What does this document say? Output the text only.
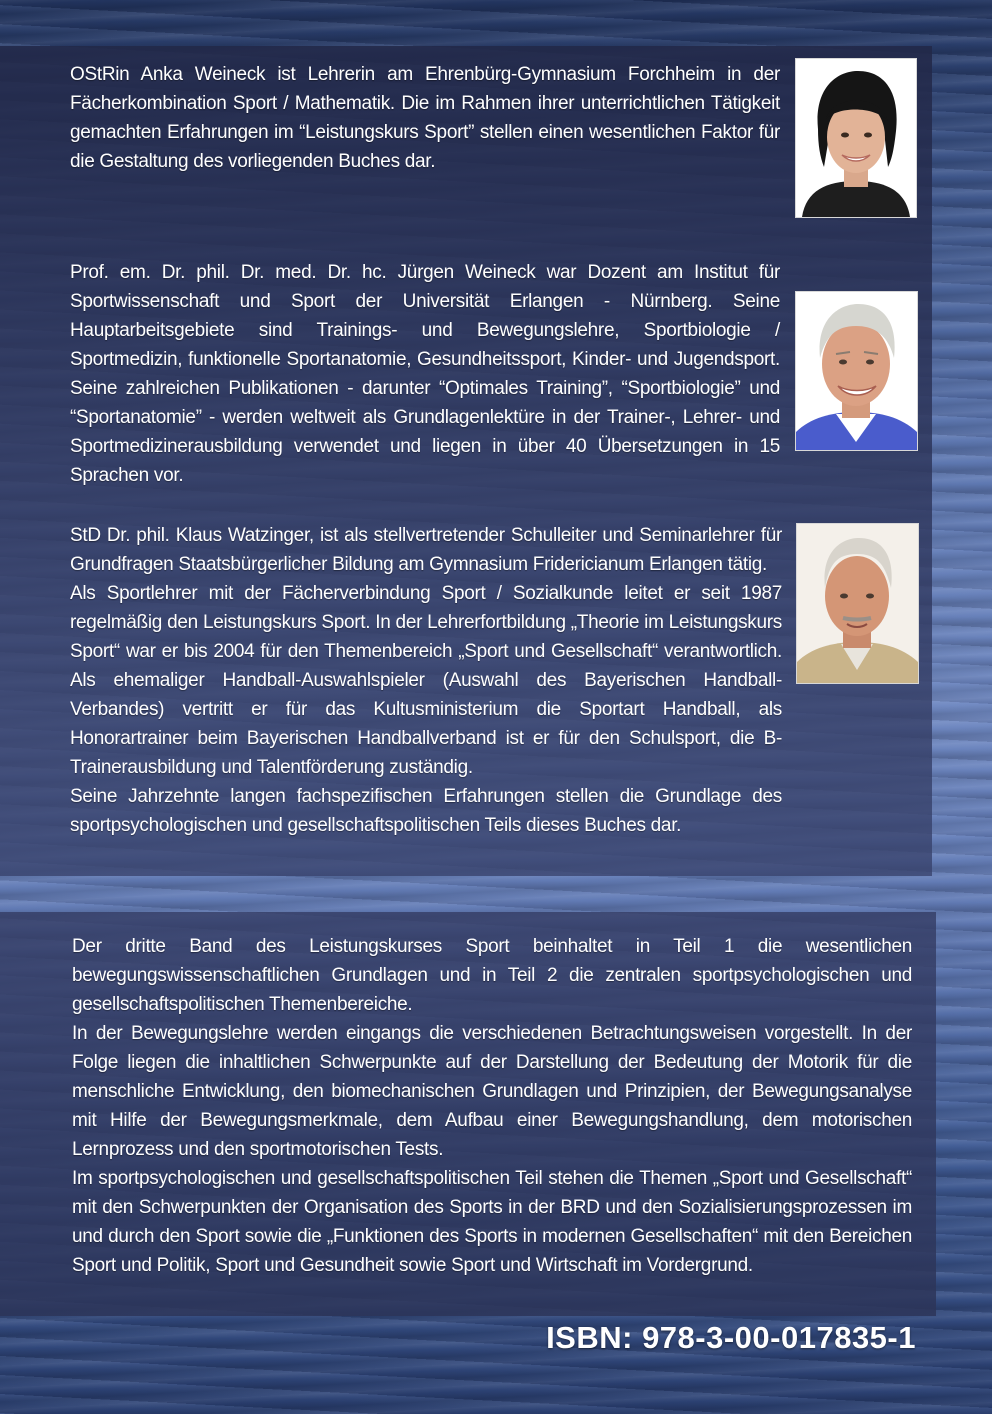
OStRin Anka Weineck ist Lehrerin am Ehrenbürg-Gymnasium Forchheim in der Fächerkombination Sport / Mathematik. Die im Rahmen ihrer unterrichtlichen Tätigkeit gemachten Erfahrungen im “Leistungskurs Sport” stellen einen wesentlichen Faktor für die Gestaltung des vorliegenden Buches dar.

Prof. em. Dr. phil. Dr. med. Dr. hc. Jürgen Weineck war Dozent am Institut für Sportwissenschaft und Sport der Universität Erlangen - Nürnberg. Seine Hauptarbeitsgebiete sind Trainings- und Bewegungslehre, Sportbiologie / Sportmedizin, funktionelle Sportanatomie, Gesundheitssport, Kinder- und Jugendsport. Seine zahlreichen Publikationen - darunter “Optimales Training”, “Sportbiologie” und “Sportanatomie” - werden weltweit als Grundlagenlektüre in der Trainer-, Lehrer- und Sportmedizinerausbildung verwendet und liegen in über 40 Übersetzungen in 15 Sprachen vor.

StD Dr. phil. Klaus Watzinger, ist als stellvertretender Schulleiter und Seminarlehrer für Grundfragen Staatsbürgerlicher Bildung am Gymnasium Fridericianum Erlangen tätig.

Als Sportlehrer mit der Fächerverbindung Sport / Sozialkunde leitet er seit 1987 regelmäßig den Leistungskurs Sport. In der Lehrerfortbildung „Theorie im Leistungskurs Sport“ war er bis 2004 für den Themenbereich „Sport und Gesellschaft“ verantwortlich. Als ehemaliger Handball-Auswahlspieler (Auswahl des Bayerischen Handball-Verbandes) vertritt er für das Kultusministerium die Sportart Handball, als Honorartrainer beim Bayerischen Handballverband ist er für den Schulsport, die B-Trainerausbildung und Talentförderung zuständig.

Seine Jahrzehnte langen fachspezifischen Erfahrungen stellen die Grundlage des sportpsychologischen und gesellschaftspolitischen Teils dieses Buches dar.

Der dritte Band des Leistungskurses Sport beinhaltet in Teil 1 die wesentlichen bewegungswissenschaftlichen Grundlagen und in Teil 2 die zentralen sportpsychologischen und gesellschaftspolitischen Themenbereiche.

In der Bewegungslehre werden eingangs die verschiedenen Betrachtungsweisen vorgestellt. In der Folge liegen die inhaltlichen Schwerpunkte auf der Darstellung der Bedeutung der Motorik für die menschliche Entwicklung, den biomechanischen Grundlagen und Prinzipien, der Bewegungsanalyse mit Hilfe der Bewegungsmerkmale, dem Aufbau einer Bewegungshandlung, dem motorischen Lernprozess und den sportmotorischen Tests.

Im sportpsychologischen und gesellschaftspolitischen Teil stehen die Themen „Sport und Gesellschaft“ mit den Schwerpunkten der Organisation des Sports in der BRD und den Sozialisierungsprozessen im und durch den Sport sowie die „Funktionen des Sports in modernen Gesellschaften“ mit den Bereichen Sport und Politik, Sport und Gesundheit sowie Sport und Wirtschaft im Vordergrund.

ISBN: 978-3-00-017835-1
